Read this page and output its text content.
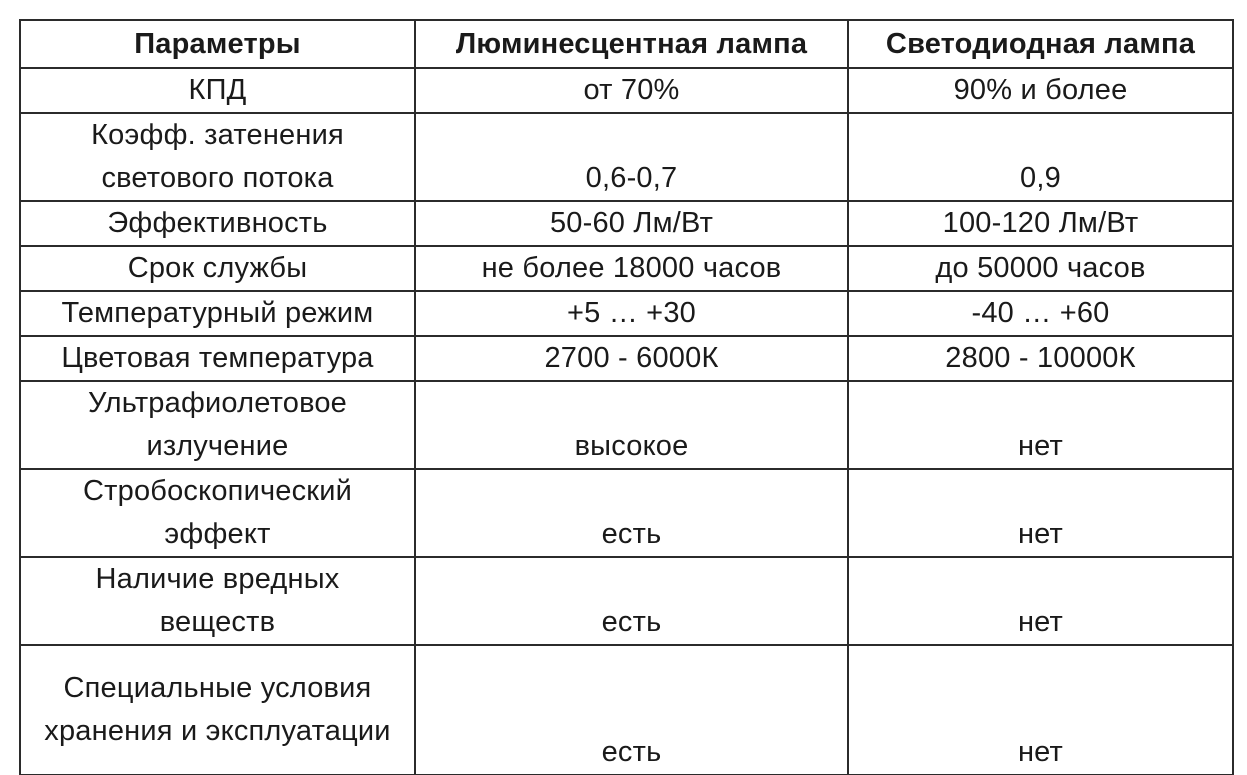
Параметры	Люминесцентная лампа	Светодиодная лампа
КПД	от 70%	90% и более
Коэфф. затенения светового потока	0,6-0,7	0,9
Эффективность	50-60 Лм/Вт	100-120 Лм/Вт
Срок службы	не более 18000 часов	до 50000 часов
Температурный режим	+5 … +30	-40 … +60
Цветовая температура	2700 - 6000К	2800 - 10000К
Ультрафиолетовое излучение	высокое	нет
Стробоскопический эффект	есть	нет
Наличие вредных веществ	есть	нет
Специальные условия хранения и эксплуатации	есть	нет
